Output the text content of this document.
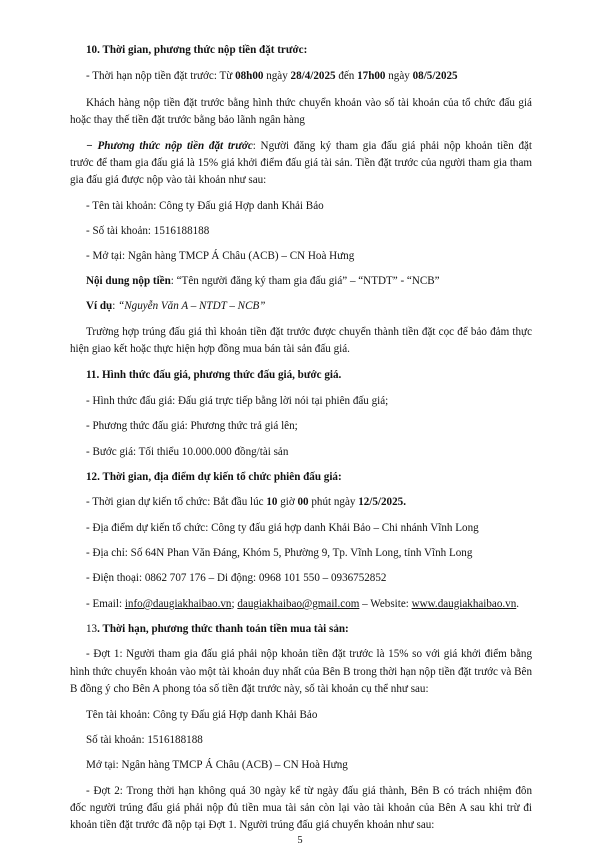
10. Thời gian, phương thức nộp tiền đặt trước:
- Thời hạn nộp tiền đặt trước: Từ 08h00 ngày 28/4/2025 đến 17h00 ngày 08/5/2025
Khách hàng nộp tiền đặt trước bằng hình thức chuyển khoản vào số tài khoản của tổ chức đấu giá
hoặc thay thế tiền đặt trước bằng bảo lãnh ngân hàng
− Phương thức nộp tiền đặt trước: Người đăng ký tham gia đấu giá phải nộp khoản tiền đặt
trước để tham gia đấu giá là 15% giá khởi điểm đấu giá tài sản. Tiền đặt trước của người tham gia tham
gia đấu giá được nộp vào tài khoản như sau:
- Tên tài khoản: Công ty Đấu giá Hợp danh Khải Bảo
- Số tài khoản: 1516188188
- Mở tại: Ngân hàng TMCP Á Châu (ACB) – CN Hoà Hưng
Nội dung nộp tiền: “Tên người đăng ký tham gia đấu giá” – “NTDT” - “NCB”
Ví dụ: “Nguyễn Văn A – NTDT – NCB”
Trường hợp trúng đấu giá thì khoản tiền đặt trước được chuyển thành tiền đặt cọc để bảo đảm thực
hiện giao kết hoặc thực hiện hợp đồng mua bán tài sản đấu giá.
11. Hình thức đấu giá, phương thức đấu giá, bước giá.
- Hình thức đấu giá: Đấu giá trực tiếp bằng lời nói tại phiên đấu giá;
- Phương thức đấu giá: Phương thức trả giá lên;
- Bước giá: Tối thiểu 10.000.000 đồng/tài sản
12. Thời gian, địa điểm dự kiến tổ chức phiên đấu giá:
- Thời gian dự kiến tổ chức: Bắt đầu lúc 10 giờ 00 phút ngày 12/5/2025.
- Địa điểm dự kiến tổ chức: Công ty đấu giá hợp danh Khải Bảo – Chi nhánh Vĩnh Long
- Địa chỉ: Số 64N Phan Văn Đáng, Khóm 5, Phường 9, Tp. Vĩnh Long, tỉnh Vĩnh Long
- Điện thoại: 0862 707 176 – Di động: 0968 101 550 – 0936752852
- Email: info@daugiakhaibao.vn; daugiakhaibao@gmail.com – Website: www.daugiakhaibao.vn.
13. Thời hạn, phương thức thanh toán tiền mua tài sản:
- Đợt 1: Người tham gia đấu giá phải nộp khoản tiền đặt trước là 15% so với giá khởi điểm bằng
hình thức chuyển khoản vào một tài khoản duy nhất của Bên B trong thời hạn nộp tiền đặt trước và Bên
B đồng ý cho Bên A phong tỏa số tiền đặt trước này, số tài khoản cụ thể như sau:
Tên tài khoản: Công ty Đấu giá Hợp danh Khải Bảo
Số tài khoản: 1516188188
Mở tại: Ngân hàng TMCP Á Châu (ACB) – CN Hoà Hưng
- Đợt 2: Trong thời hạn không quá 30 ngày kể từ ngày đấu giá thành, Bên B có trách nhiệm đôn
đốc người trúng đấu giá phải nộp đủ tiền mua tài sản còn lại vào tài khoản của Bên A sau khi trừ đi
khoản tiền đặt trước đã nộp tại Đợt 1. Người trúng đấu giá chuyển khoản như sau:
5
